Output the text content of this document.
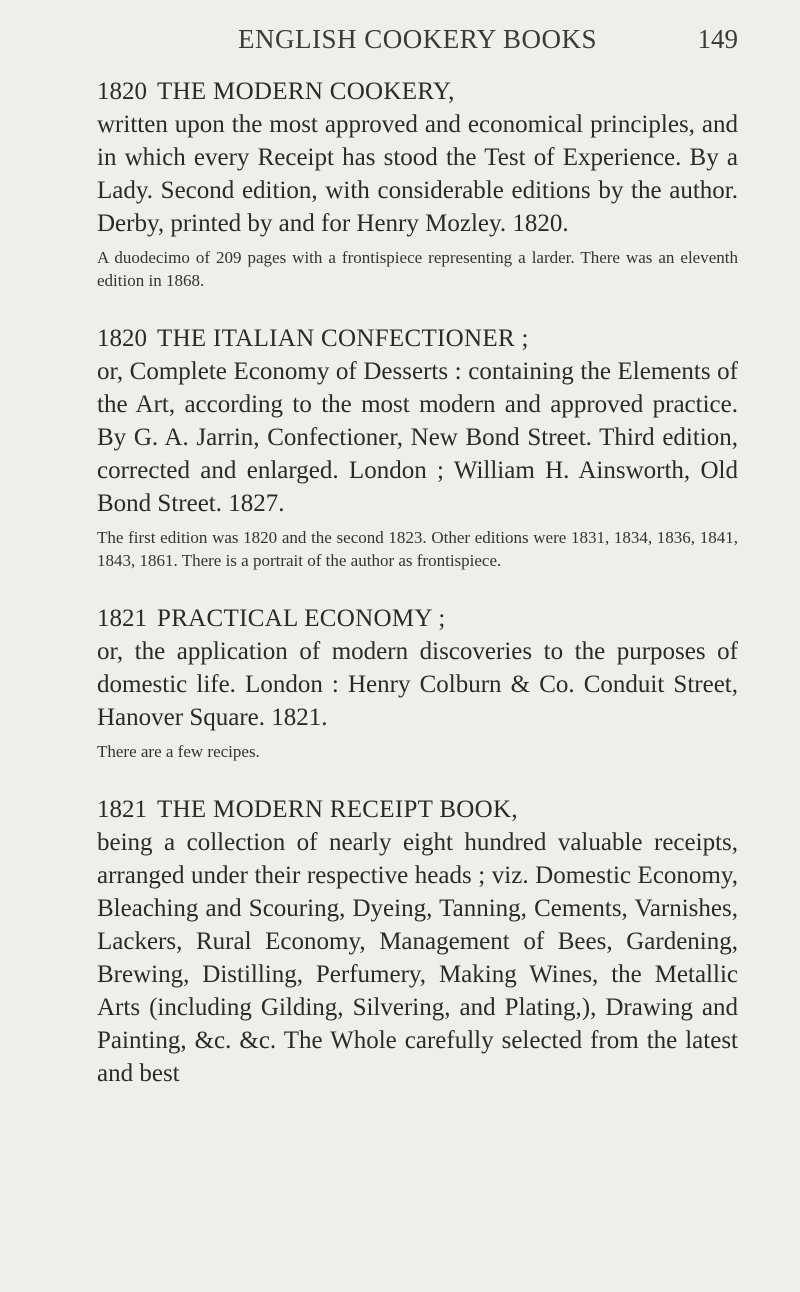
ENGLISH COOKERY BOOKS	149
1820 THE MODERN COOKERY,
written upon the most approved and economical principles, and in which every Receipt has stood the Test of Experience. By a Lady. Second edition, with considerable editions by the author. Derby, printed by and for Henry Mozley. 1820.
A duodecimo of 209 pages with a frontispiece representing a larder. There was an eleventh edition in 1868.
1820 THE ITALIAN CONFECTIONER ;
or, Complete Economy of Desserts : containing the Elements of the Art, according to the most modern and approved practice. By G. A. Jarrin, Confectioner, New Bond Street. Third edition, corrected and enlarged. London ; William H. Ainsworth, Old Bond Street. 1827.
The first edition was 1820 and the second 1823. Other editions were 1831, 1834, 1836, 1841, 1843, 1861. There is a portrait of the author as frontispiece.
1821 PRACTICAL ECONOMY ;
or, the application of modern discoveries to the purposes of domestic life. London : Henry Colburn & Co. Conduit Street, Hanover Square. 1821.
There are a few recipes.
1821 THE MODERN RECEIPT BOOK,
being a collection of nearly eight hundred valuable receipts, arranged under their respective heads ; viz. Domestic Economy, Bleaching and Scouring, Dyeing, Tanning, Cements, Varnishes, Lackers, Rural Economy, Management of Bees, Gardening, Brewing, Distilling, Perfumery, Making Wines, the Metallic Arts (including Gilding, Silvering, and Plating,), Drawing and Painting, &c. &c. The Whole carefully selected from the latest and best
